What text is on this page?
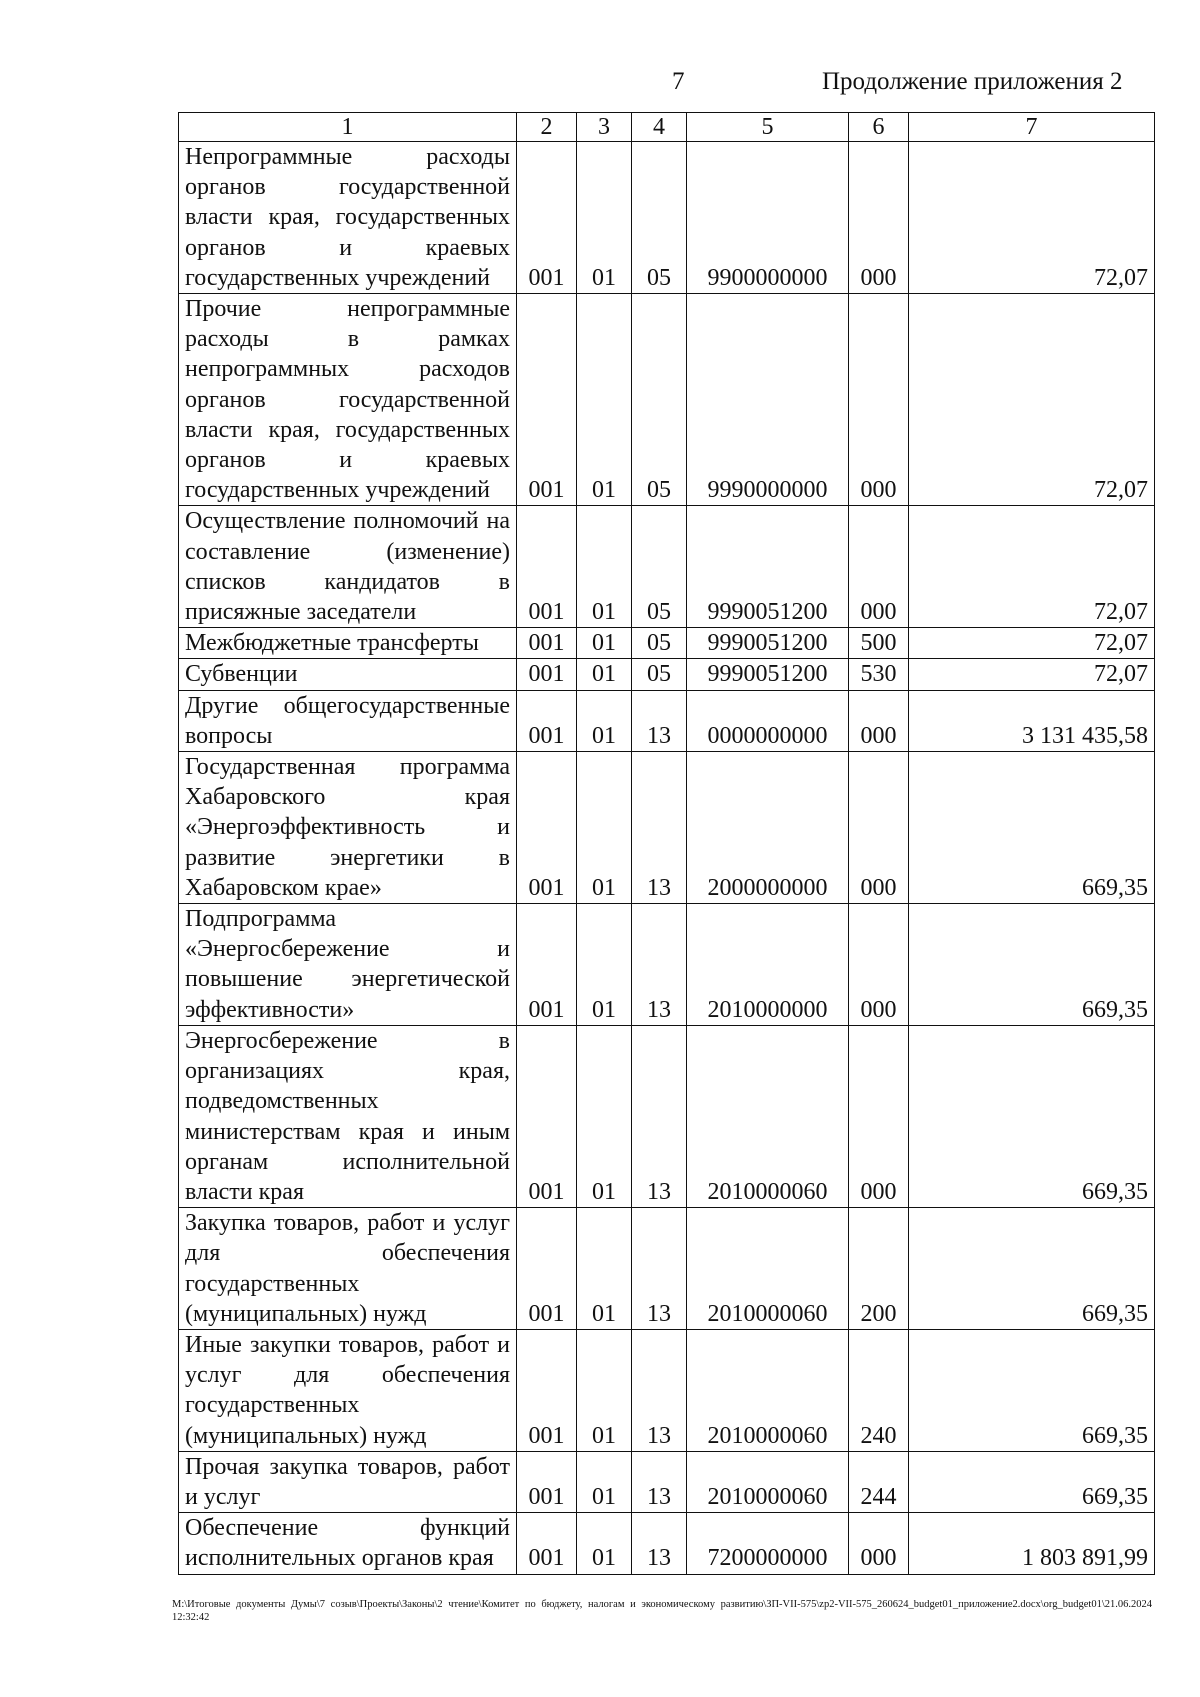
7	Продолжение приложения 2
1	2	3	4	5	6	7
Непрограммные расходы органов государственной власти края, государственных органов и краевых государственных учреждений	001	01	05	9900000000	000	72,07
Прочие непрограммные расходы в рамках непрограммных расходов органов государственной власти края, государственных органов и краевых государственных учреждений	001	01	05	9990000000	000	72,07
Осуществление полномочий на составление (изменение) списков кандидатов в присяжные заседатели	001	01	05	9990051200	000	72,07
Межбюджетные трансферты	001	01	05	9990051200	500	72,07
Субвенции	001	01	05	9990051200	530	72,07
Другие общегосударственные вопросы	001	01	13	0000000000	000	3 131 435,58
Государственная программа Хабаровского края «Энергоэффективность и развитие энергетики в Хабаровском крае»	001	01	13	2000000000	000	669,35
Подпрограмма «Энергосбережение и повышение энергетической эффективности»	001	01	13	2010000000	000	669,35
Энергосбережение в организациях края, подведомственных министерствам края и иным органам исполнительной власти края	001	01	13	2010000060	000	669,35
Закупка товаров, работ и услуг для обеспечения государственных (муниципальных) нужд	001	01	13	2010000060	200	669,35
Иные закупки товаров, работ и услуг для обеспечения государственных (муниципальных) нужд	001	01	13	2010000060	240	669,35
Прочая закупка товаров, работ и услуг	001	01	13	2010000060	244	669,35
Обеспечение функций исполнительных органов края	001	01	13	7200000000	000	1 803 891,99
M:\Итоговые документы Думы\7 созыв\Проекты\Законы\2 чтение\Комитет по бюджету, налогам и экономическому развитию\ЗП-VII-575\zp2-VII-575_260624_budget01_приложение2.docx\org_budget01\21.06.2024 12:32:42
